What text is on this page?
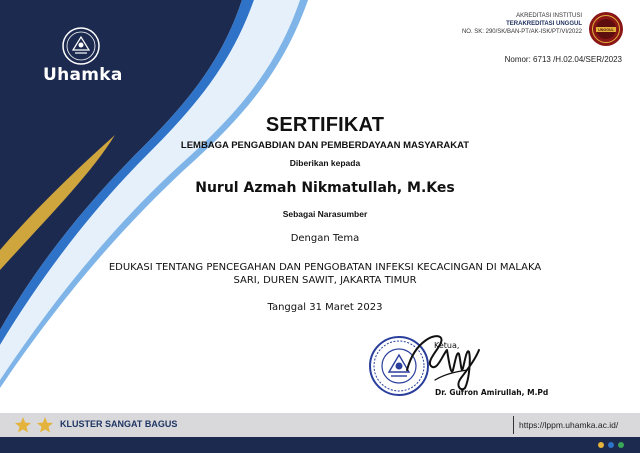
Uhamka
AKREDITASI INSTITUSI
TERAKREDITASI UNGGUL
NO. SK: 290/SK/BAN-PT/AK-ISK/PT/VI/2022	UNGGUL
Nomor: 6713 /H.02.04/SER/2023
SERTIFIKAT
LEMBAGA PENGABDIAN DAN PEMBERDAYAAN MASYARAKAT
Diberikan kepada
Nurul Azmah Nikmatullah, M.Kes
Sebagai Narasumber
Dengan Tema
EDUKASI TENTANG PENCEGAHAN DAN PENGOBATAN INFEKSI KECACINGAN DI MALAKA
SARI, DUREN SAWIT, JAKARTA TIMUR
Tanggal 31 Maret 2023
Ketua,
Dr. Gufron Amirullah, M.Pd
KLUSTER SANGAT BAGUS	https://lppm.uhamka.ac.id/
